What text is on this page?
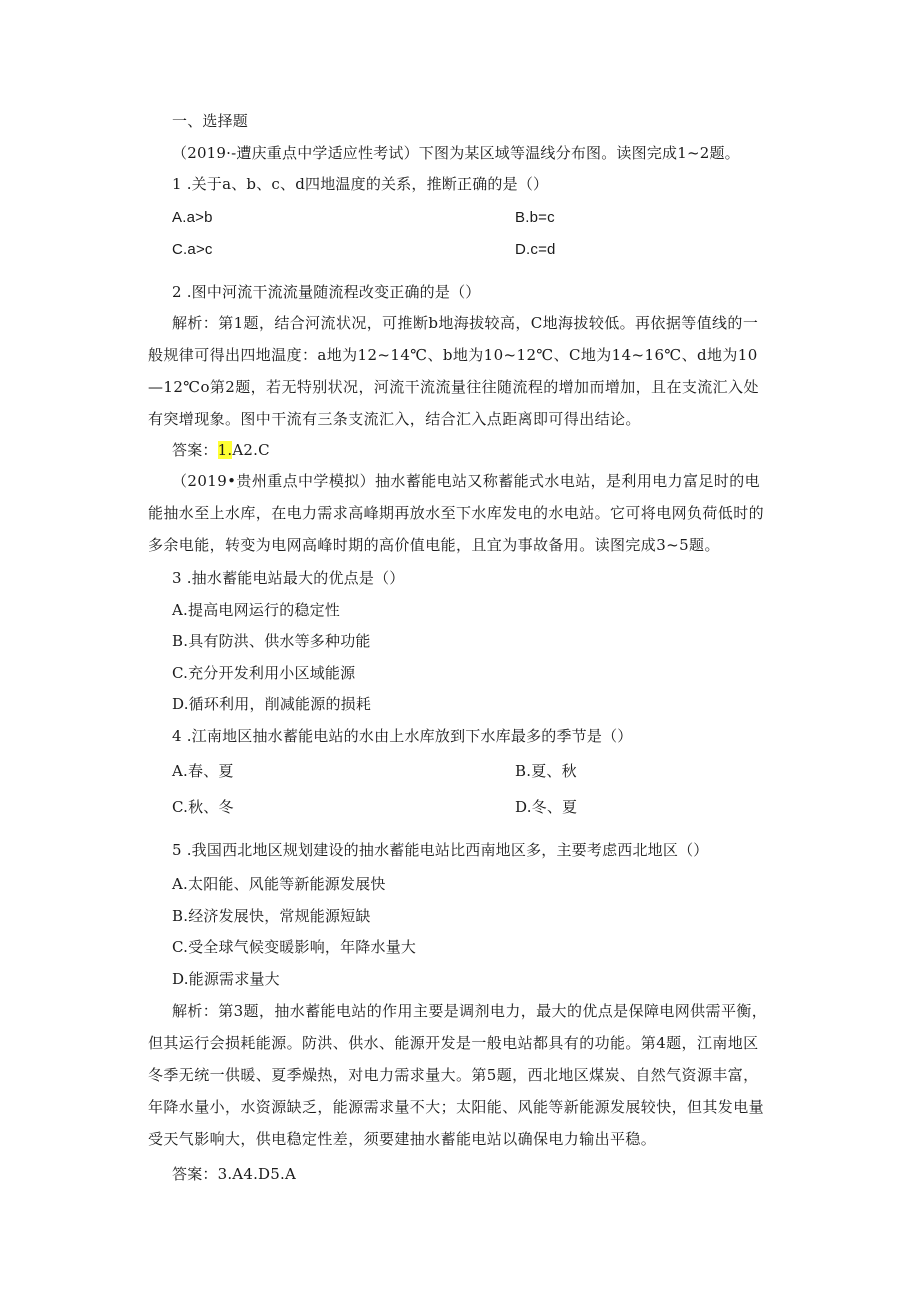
一、选择题
（2019·-遭庆重点中学适应性考试）下图为某区域等温线分布图。读图完成1~2题。
1 .关于a、b、c、d四地温度的关系，推断正确的是（）
A.a>b	B.b=c
C.a>c	D.c=d
2 .图中河流干流流量随流程改变正确的是（）
解析：第1题，结合河流状况，可推断b地海拔较高，C地海拔较低。再依据等值线的一般规律可得出四地温度：a地为12~14℃、b地为10~12℃、C地为14~16℃、d地为10—12℃o第2题，若无特别状况，河流干流流量往往随流程的增加而增加，且在支流汇入处有突增现象。图中干流有三条支流汇入，结合汇入点距离即可得出结论。
答案：1.A2.C
（2019•贵州重点中学模拟）抽水蓄能电站又称蓄能式水电站，是利用电力富足时的电能抽水至上水库，在电力需求高峰期再放水至下水库发电的水电站。它可将电网负荷低时的多余电能，转变为电网高峰时期的高价值电能，且宜为事故备用。读图完成3~5题。
3 .抽水蓄能电站最大的优点是（）
A.提高电网运行的稳定性
B.具有防洪、供水等多种功能
C.充分开发利用小区域能源
D.循环利用，削减能源的损耗
4 .江南地区抽水蓄能电站的水由上水库放到下水库最多的季节是（）
A.春、夏	B.夏、秋
C.秋、冬	D.冬、夏
5 .我国西北地区规划建设的抽水蓄能电站比西南地区多，主要考虑西北地区（）
A.太阳能、风能等新能源发展快
B.经济发展快，常规能源短缺
C.受全球气候变暖影响，年降水量大
D.能源需求量大
解析：第3题，抽水蓄能电站的作用主要是调剂电力，最大的优点是保障电网供需平衡，但其运行会损耗能源。防洪、供水、能源开发是一般电站都具有的功能。第4题，江南地区冬季无统一供暖、夏季燥热，对电力需求量大。第5题，西北地区煤炭、自然气资源丰富，年降水量小，水资源缺乏，能源需求量不大；太阳能、风能等新能源发展较快，但其发电量受天气影响大，供电稳定性差，须要建抽水蓄能电站以确保电力输出平稳。
答案：3.A4.D5.A
